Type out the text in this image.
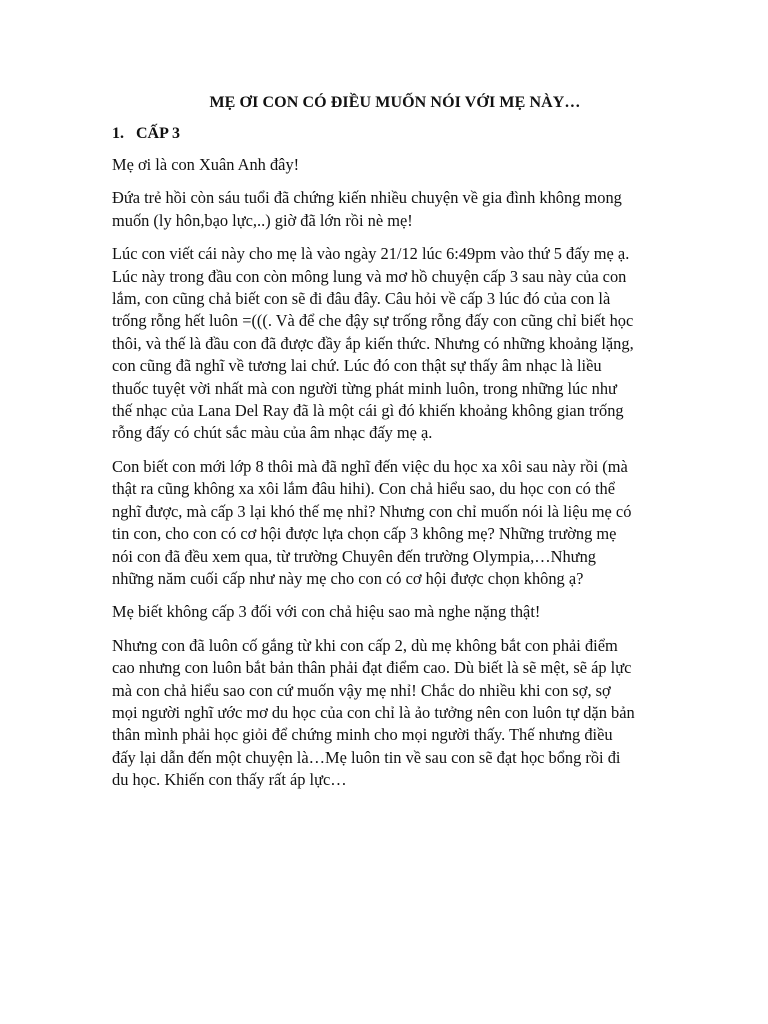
MẸ ƠI CON CÓ ĐIỀU MUỐN NÓI VỚI MẸ NÀY…
1. CẤP 3

Mẹ ơi là con Xuân Anh đây!

Đứa trẻ hồi còn sáu tuổi đã chứng kiến nhiều chuyện về gia đình không mong
muốn (ly hôn,bạo lực,..) giờ đã lớn rồi nè mẹ!

Lúc con viết cái này cho mẹ là vào ngày 21/12 lúc 6:49pm vào thứ 5 đấy mẹ ạ.
Lúc này trong đầu con còn mông lung và mơ hồ chuyện cấp 3 sau này của con
lắm, con cũng chả biết con sẽ đi đâu đây. Câu hỏi về cấp 3 lúc đó của con là
trống rỗng hết luôn =(((. Và để che đậy sự trống rỗng đấy con cũng chỉ biết học
thôi, và thế là đầu con đã được đầy ắp kiến thức. Nhưng có những khoảng lặng,
con cũng đã nghĩ về tương lai chứ. Lúc đó con thật sự thấy âm nhạc là liều
thuốc tuyệt vời nhất mà con người từng phát minh luôn, trong những lúc như
thế nhạc của Lana Del Ray đã là một cái gì đó khiến khoảng không gian trống
rỗng đấy có chút sắc màu của âm nhạc đấy mẹ ạ.

Con biết con mới lớp 8 thôi mà đã nghĩ đến việc du học xa xôi sau này rồi (mà
thật ra cũng không xa xôi lắm đâu hihi). Con chả hiểu sao, du học con có thể
nghĩ được, mà cấp 3 lại khó thế mẹ nhỉ? Nhưng con chỉ muốn nói là liệu mẹ có
tin con, cho con có cơ hội được lựa chọn cấp 3 không mẹ? Những trường mẹ
nói con đã đều xem qua, từ trường Chuyên đến trường Olympia,…Nhưng
những năm cuối cấp như này mẹ cho con có cơ hội được chọn không ạ?

Mẹ biết không cấp 3 đối với con chả hiệu sao mà nghe nặng thật!

Nhưng con đã luôn cố gắng từ khi con cấp 2, dù mẹ không bắt con phải điểm
cao nhưng con luôn bắt bản thân phải đạt điểm cao. Dù biết là sẽ mệt, sẽ áp lực
mà con chả hiểu sao con cứ muốn vậy mẹ nhỉ! Chắc do nhiều khi con sợ, sợ
mọi người nghĩ ước mơ du học của con chỉ là ảo tưởng nên con luôn tự dặn bản
thân mình phải học giỏi để chứng minh cho mọi người thấy. Thế nhưng điều
đấy lại dẫn đến một chuyện là…Mẹ luôn tin về sau con sẽ đạt học bổng rồi đi
du học. Khiến con thấy rất áp lực…
